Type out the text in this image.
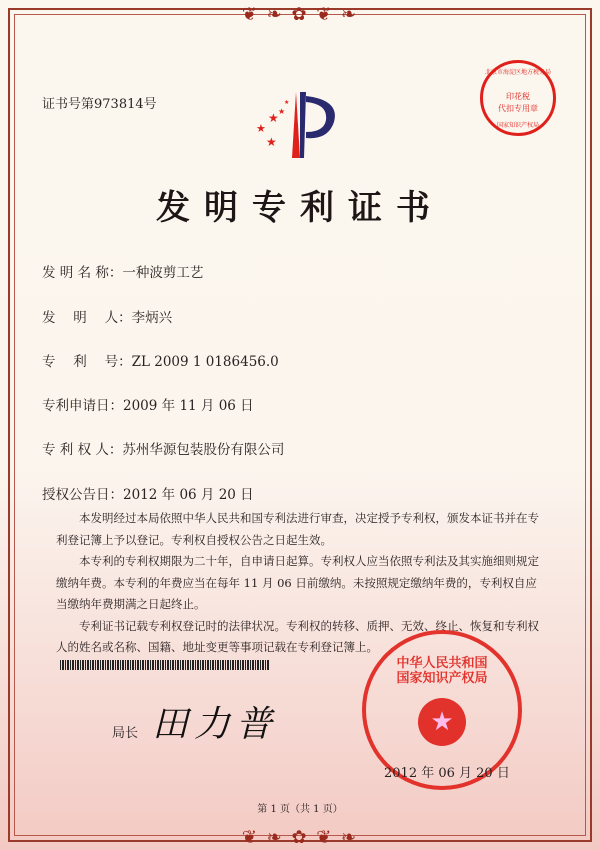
❦ ❧ ✿ ❦ ❧
❦ ❧ ✿ ❦ ❧
证书号第973814号
★ ★
★
★
★
北京市海淀区地方税务局
印花税
代扣专用章
国家知识产权局
发明专利证书
发 明 名 称：一种波剪工艺
发　 明　 人：李炳兴
专　 利　 号：ZL 2009 1 0186456.0
专利申请日：2009 年 11 月 06 日
专 利 权 人：苏州华源包装股份有限公司
授权公告日：2012 年 06 月 20 日

本发明经过本局依照中华人民共和国专利法进行审查，决定授予专利权，颁发本证书并在专利登记簿上予以登记。专利权自授权公告之日起生效。

本专利的专利权期限为二十年，自申请日起算。专利权人应当依照专利法及其实施细则规定缴纳年费。本专利的年费应当在每年 11 月 06 日前缴纳。未按照规定缴纳年费的，专利权自应当缴纳年费期满之日起终止。

专利证书记载专利权登记时的法律状况。专利权的转移、质押、无效、终止、恢复和专利权人的姓名或名称、国籍、地址变更等事项记载在专利登记簿上。

局长 田力普	★
中华人民共和国国家知识产权局
2012 年 06 月 20 日
第 1 页（共 1 页）
